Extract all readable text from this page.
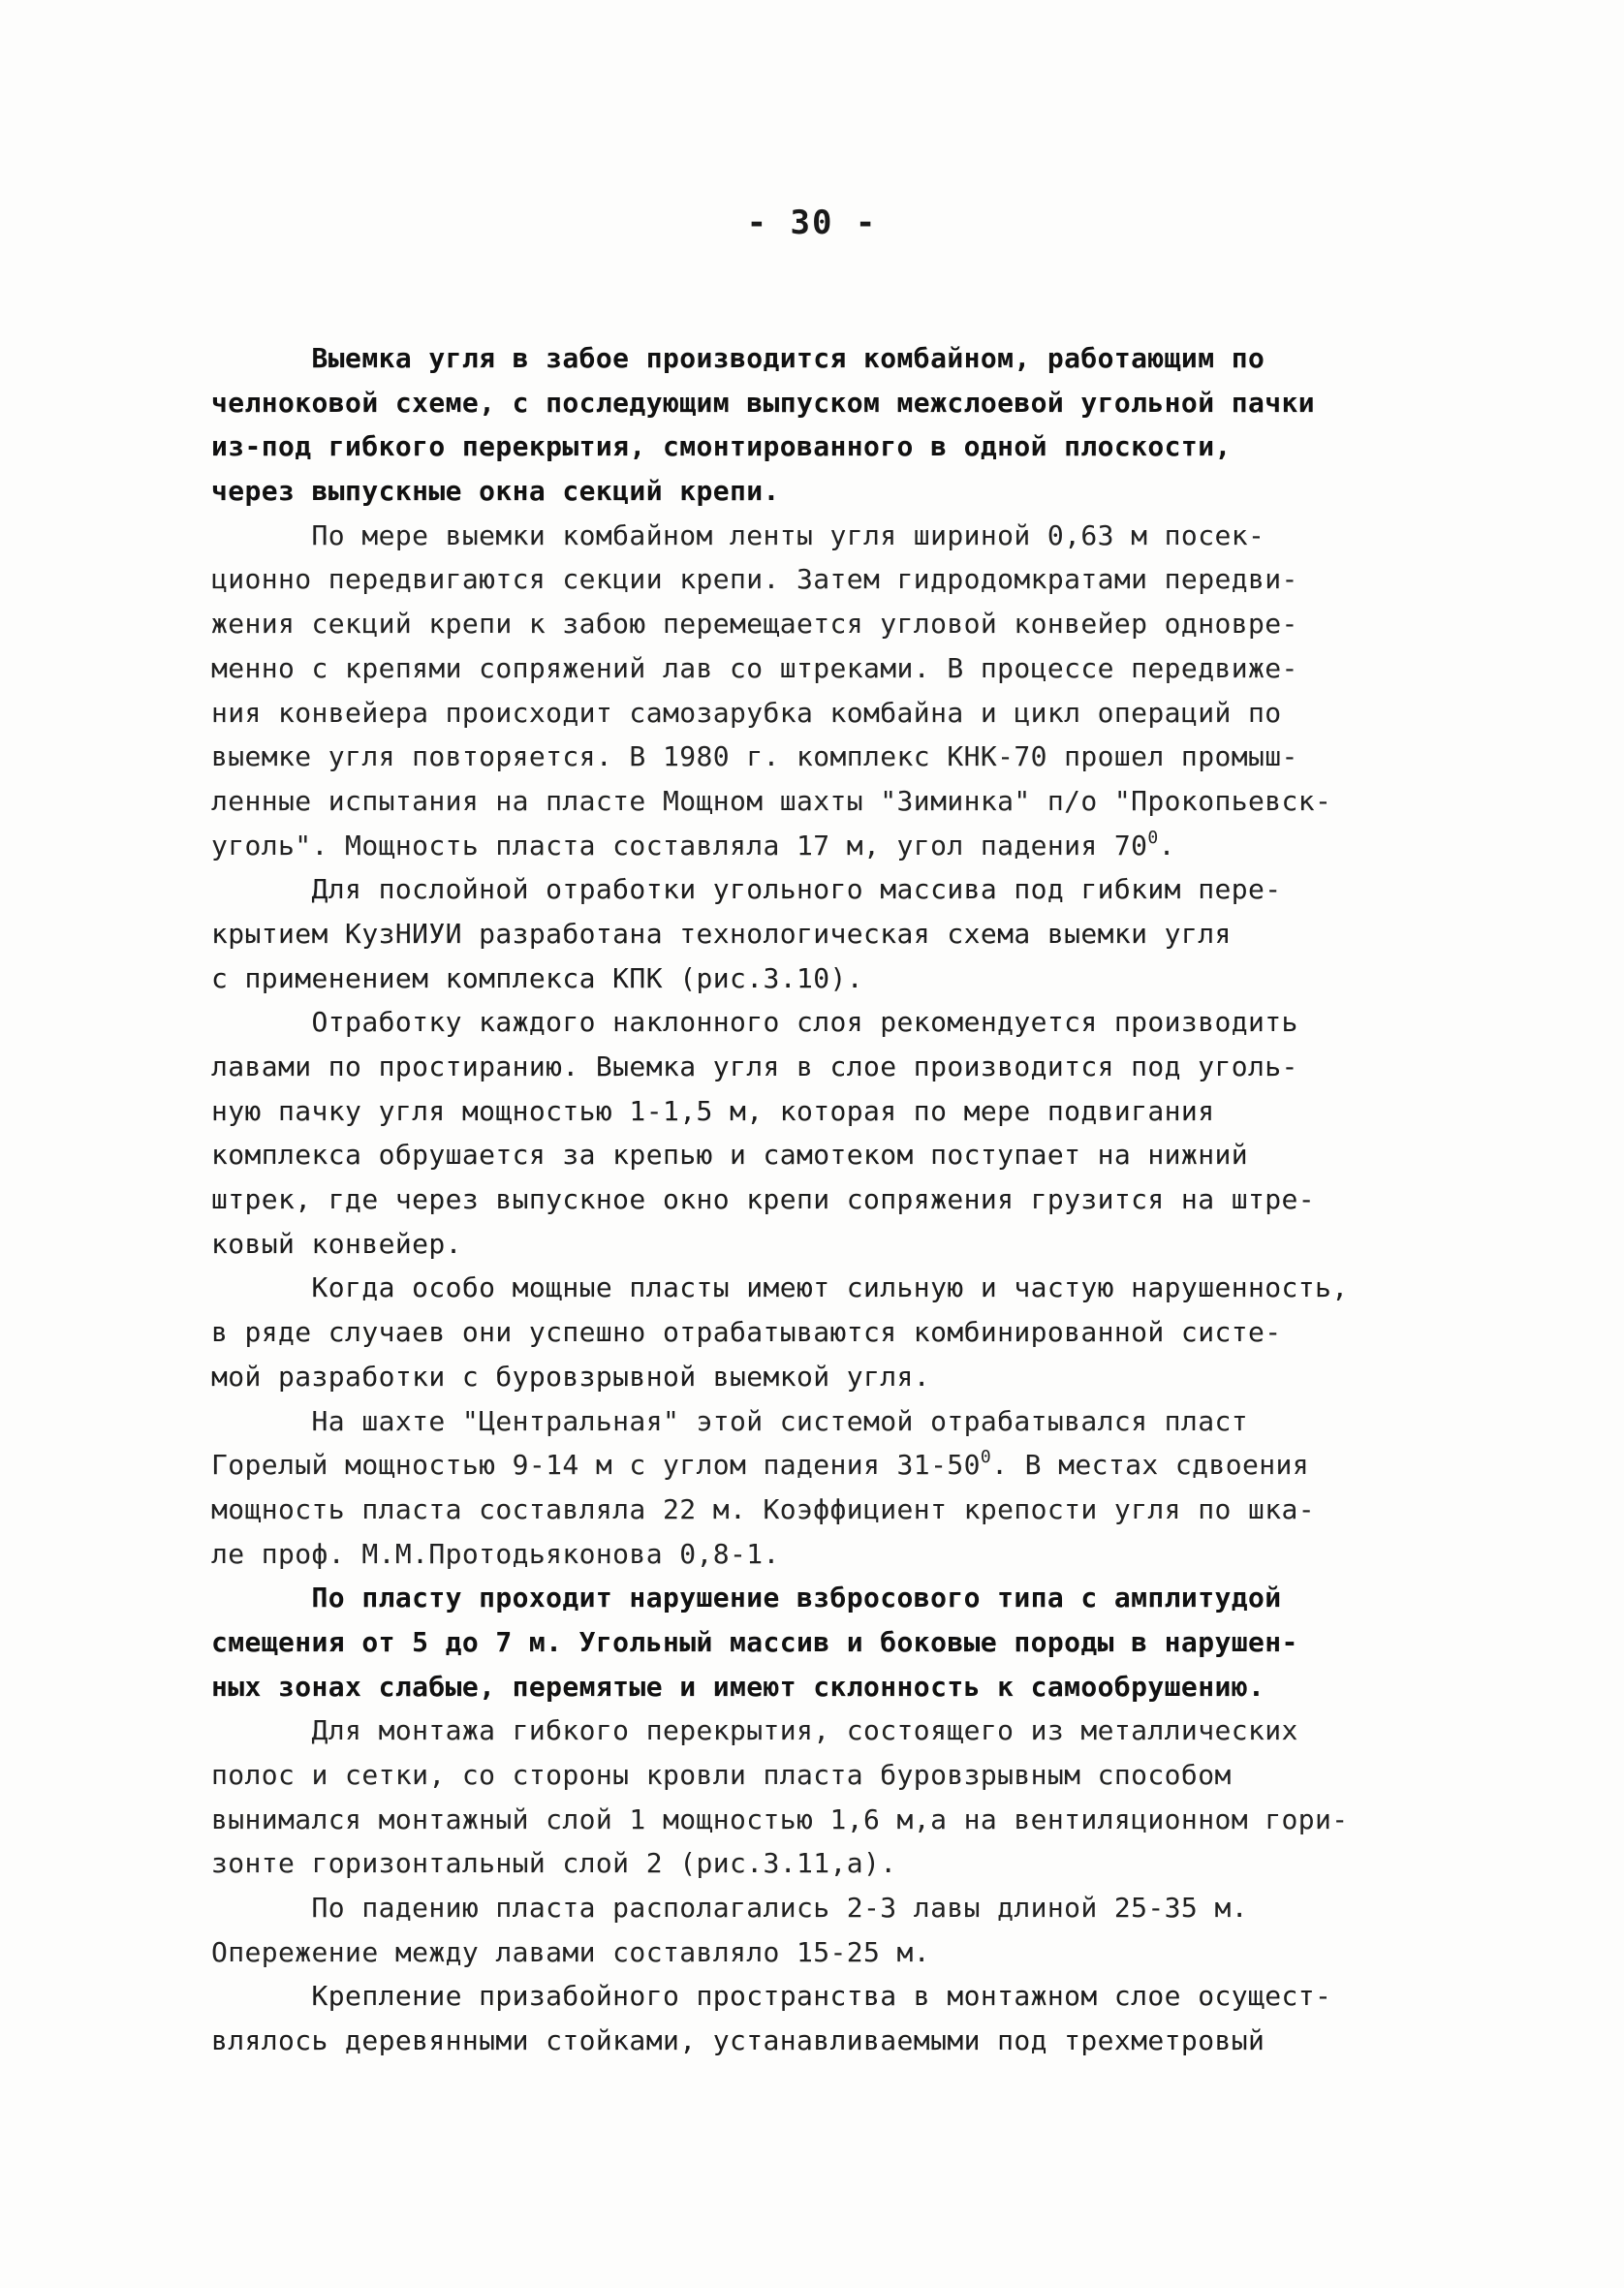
- 30 -
Выемка угля в забое производится комбайном, работающим по
челноковой схеме, с последующим выпуском межслоевой угольной пачки
из-под гибкого перекрытия, смонтированного в одной плоскости,
через выпускные окна секций крепи.
По мере выемки комбайном ленты угля шириной 0,63 м посек-
ционно передвигаются секции крепи. Затем гидродомкратами передви-
жения секций крепи к забою перемещается угловой конвейер одновре-
менно с крепями сопряжений лав со штреками. В процессе передвиже-
ния конвейера происходит самозарубка комбайна и цикл операций по
выемке угля повторяется. В 1980 г. комплекс КНК-70 прошел промыш-
ленные испытания на пласте Мощном шахты "Зиминка" п/о "Прокопьевск-
уголь". Мощность пласта составляла 17 м, угол падения $70^0$.
Для послойной отработки угольного массива под гибким пере-
крытием КузНИУИ разработана технологическая схема выемки угля
с применением комплекса КПК (рис.3.10).
Отработку каждого наклонного слоя рекомендуется производить
лавами по простиранию. Выемка угля в слое производится под уголь-
ную пачку угля мощностью 1-1,5 м, которая по мере подвигания
комплекса обрушается за крепью и самотеком поступает на нижний
штрек, где через выпускное окно крепи сопряжения грузится на штре-
ковый конвейер.
Когда особо мощные пласты имеют сильную и частую нарушенность,
в ряде случаев они успешно отрабатываются комбинированной систе-
мой разработки с буровзрывной выемкой угля.
На шахте "Центральная" этой системой отрабатывался пласт
Горелый мощностью 9-14 м с углом падения $31-50^0$. В местах сдвоения
мощность пласта составляла 22 м. Коэффициент крепости угля по шка-
ле проф. М.М.Протодьяконова 0,8-1.
По пласту проходит нарушение взбросового типа с амплитудой
смещения от 5 до 7 м. Угольный массив и боковые породы в нарушен-
ных зонах слабые, перемятые и имеют склонность к самообрушению.
Для монтажа гибкого перекрытия, состоящего из металлических
полос и сетки, со стороны кровли пласта буровзрывным способом
вынимался монтажный слой 1 мощностью 1,6 м,а на вентиляционном гори-
зонте горизонтальный слой 2 (рис.3.11,а).
По падению пласта располагались 2-3 лавы длиной 25-35 м.
Опережение между лавами составляло 15-25 м.
Крепление призабойного пространства в монтажном слое осущест-
влялось деревянными стойками, устанавливаемыми под трехметровый
